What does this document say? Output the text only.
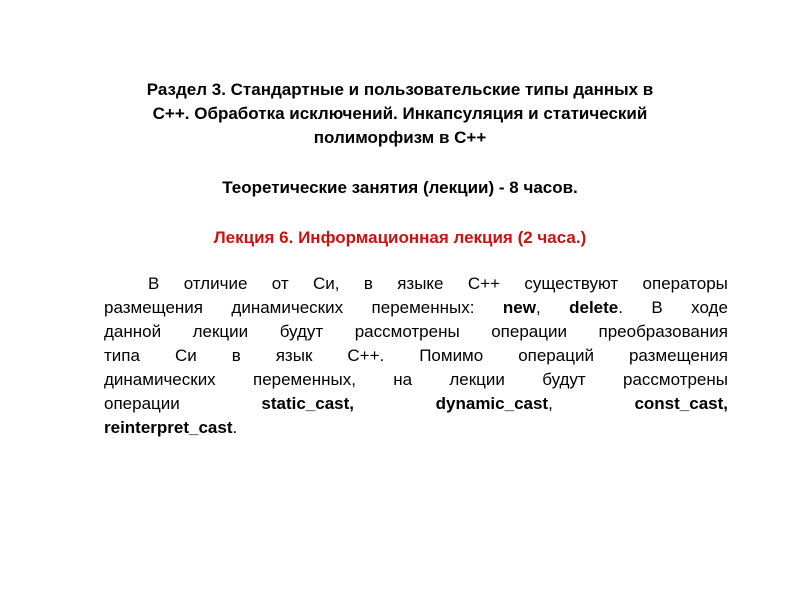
Раздел 3. Стандартные и пользовательские типы данных в
С++. Обработка исключений. Инкапсуляция и статический
полиморфизм в С++
Теоретические занятия (лекции) - 8 часов.
Лекция 6. Информационная лекция (2 часа.)
В отличие от Си, в языке С++ существуют операторы
размещения динамических переменных: new, delete. В ходе
данной лекции будут рассмотрены операции преобразования
типа Си в язык С++. Помимо операций размещения
динамических переменных, на лекции будут рассмотрены
операции	static_cast,	dynamic_cast,	const_cast,
reinterpret_cast .
